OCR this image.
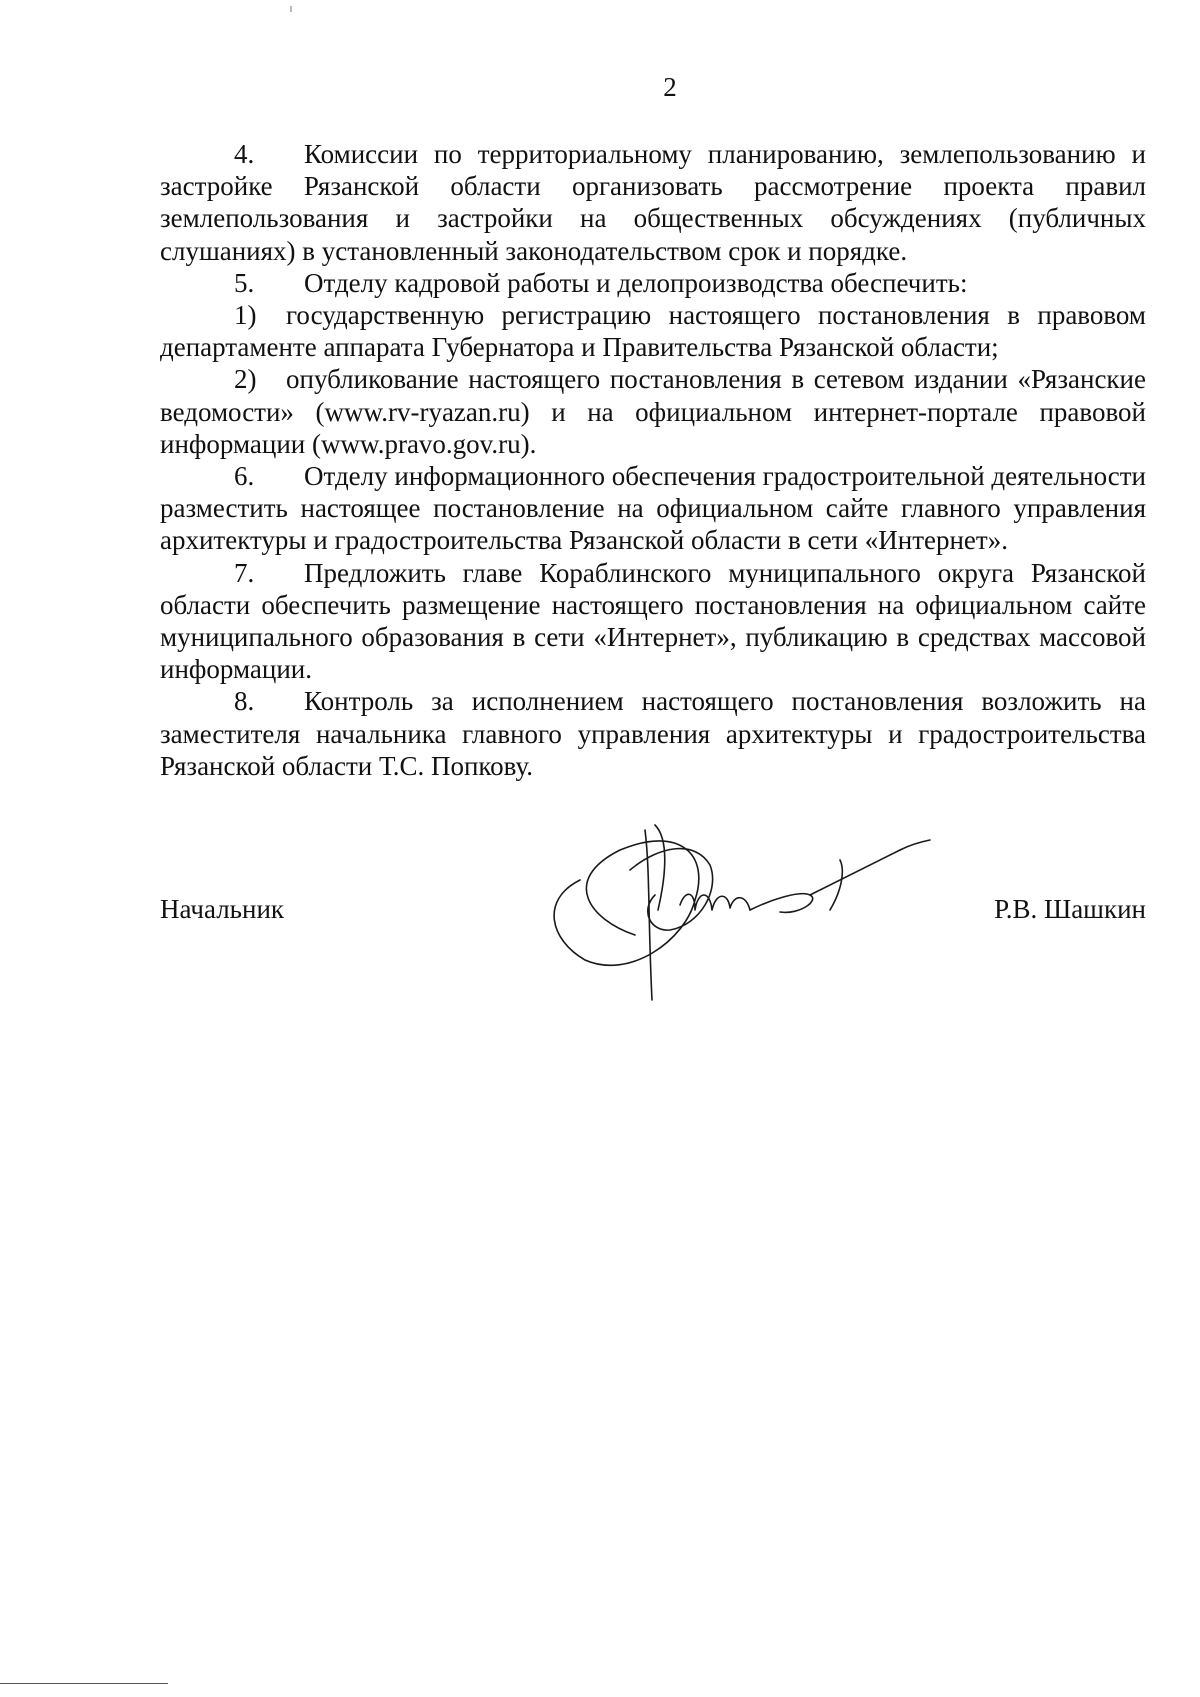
2

4. Комиссии по территориальному планированию, землепользованию и застройке Рязанской области организовать рассмотрение проекта правил землепользования и застройки на общественных обсуждениях (публичных слушаниях) в установленный законодательством срок и порядке.

5. Отделу кадровой работы и делопроизводства обеспечить:

1) государственную регистрацию настоящего постановления в правовом департаменте аппарата Губернатора и Правительства Рязанской области;

2) опубликование настоящего постановления в сетевом издании «Рязанские ведомости» (www.rv-ryazan.ru) и на официальном интернет-портале правовой информации (www.pravo.gov.ru).

6. Отделу информационного обеспечения градостроительной деятельности разместить настоящее постановление на официальном сайте главного управления архитектуры и градостроительства Рязанской области в сети «Интернет».

7. Предложить главе Кораблинского муниципального округа Рязанской области обеспечить размещение настоящего постановления на официальном сайте муниципального образования в сети «Интернет», публикацию в средствах массовой информации.

8. Контроль за исполнением настоящего постановления возложить на заместителя начальника главного управления архитектуры и градостроительства Рязанской области Т.С. Попкову.

Начальник	Р.В. Шашкин
